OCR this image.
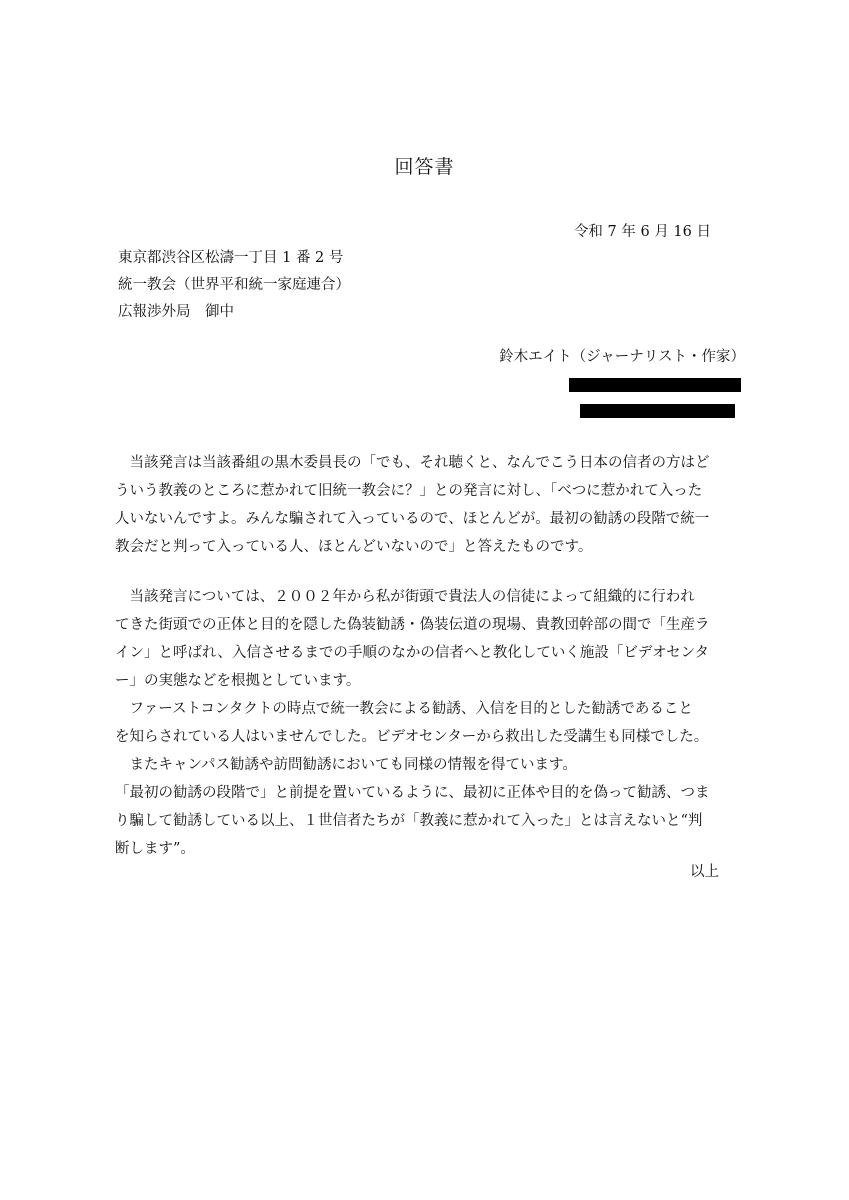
回答書
令和 7 年 6 月 16 日
東京都渋谷区松濤一丁目 1 番 2 号
統一教会（世界平和統一家庭連合）
広報渉外局　御中
鈴木エイト（ジャーナリスト・作家）
　当該発言は当該番組の黒木委員長の「でも、それ聴くと、なんでこう日本の信者の方はど
ういう教義のところに惹かれて旧統一教会に？」との発言に対し、「べつに惹かれて入った
人いないんですよ。みんな騙されて入っているので、ほとんどが。最初の勧誘の段階で統一
教会だと判って入っている人、ほとんどいないので」と答えたものです。
　当該発言については、２００２年から私が街頭で貴法人の信徒によって組織的に行われ
てきた街頭での正体と目的を隠した偽装勧誘・偽装伝道の現場、貴教団幹部の間で「生産ラ
イン」と呼ばれ、入信させるまでの手順のなかの信者へと教化していく施設「ビデオセンタ
ー」の実態などを根拠としています。
　ファーストコンタクトの時点で統一教会による勧誘、入信を目的とした勧誘であること
を知らされている人はいませんでした。ビデオセンターから救出した受講生も同様でした。
　またキャンパス勧誘や訪問勧誘においても同様の情報を得ています。
「最初の勧誘の段階で」と前提を置いているように、最初に正体や目的を偽って勧誘、つま
り騙して勧誘している以上、１世信者たちが「教義に惹かれて入った」とは言えないと“判
断します”。
以上
